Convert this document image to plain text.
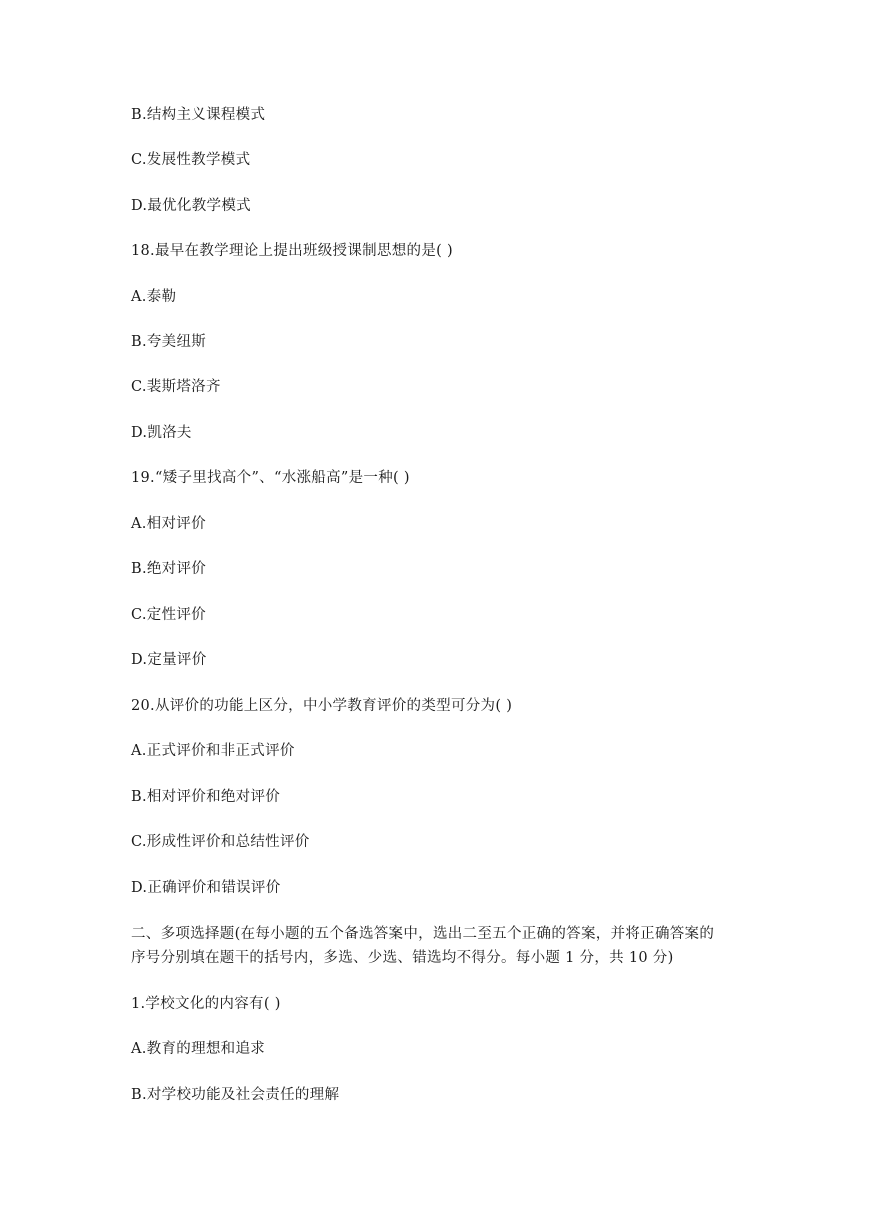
B.结构主义课程模式
C.发展性教学模式
D.最优化教学模式
18.最早在教学理论上提出班级授课制思想的是( )
A.泰勒
B.夸美纽斯
C.裴斯塔洛齐
D.凯洛夫
19.“矮子里找高个”、“水涨船高”是一种( )
A.相对评价
B.绝对评价
C.定性评价
D.定量评价
20.从评价的功能上区分，中小学教育评价的类型可分为( )
A.正式评价和非正式评价
B.相对评价和绝对评价
C.形成性评价和总结性评价
D.正确评价和错误评价
二、多项选择题(在每小题的五个备选答案中，选出二至五个正确的答案，并将正确答案的
序号分别填在题干的括号内，多选、少选、错选均不得分。每小题 1 分，共 10 分)
1.学校文化的内容有( )
A.教育的理想和追求
B.对学校功能及社会责任的理解
